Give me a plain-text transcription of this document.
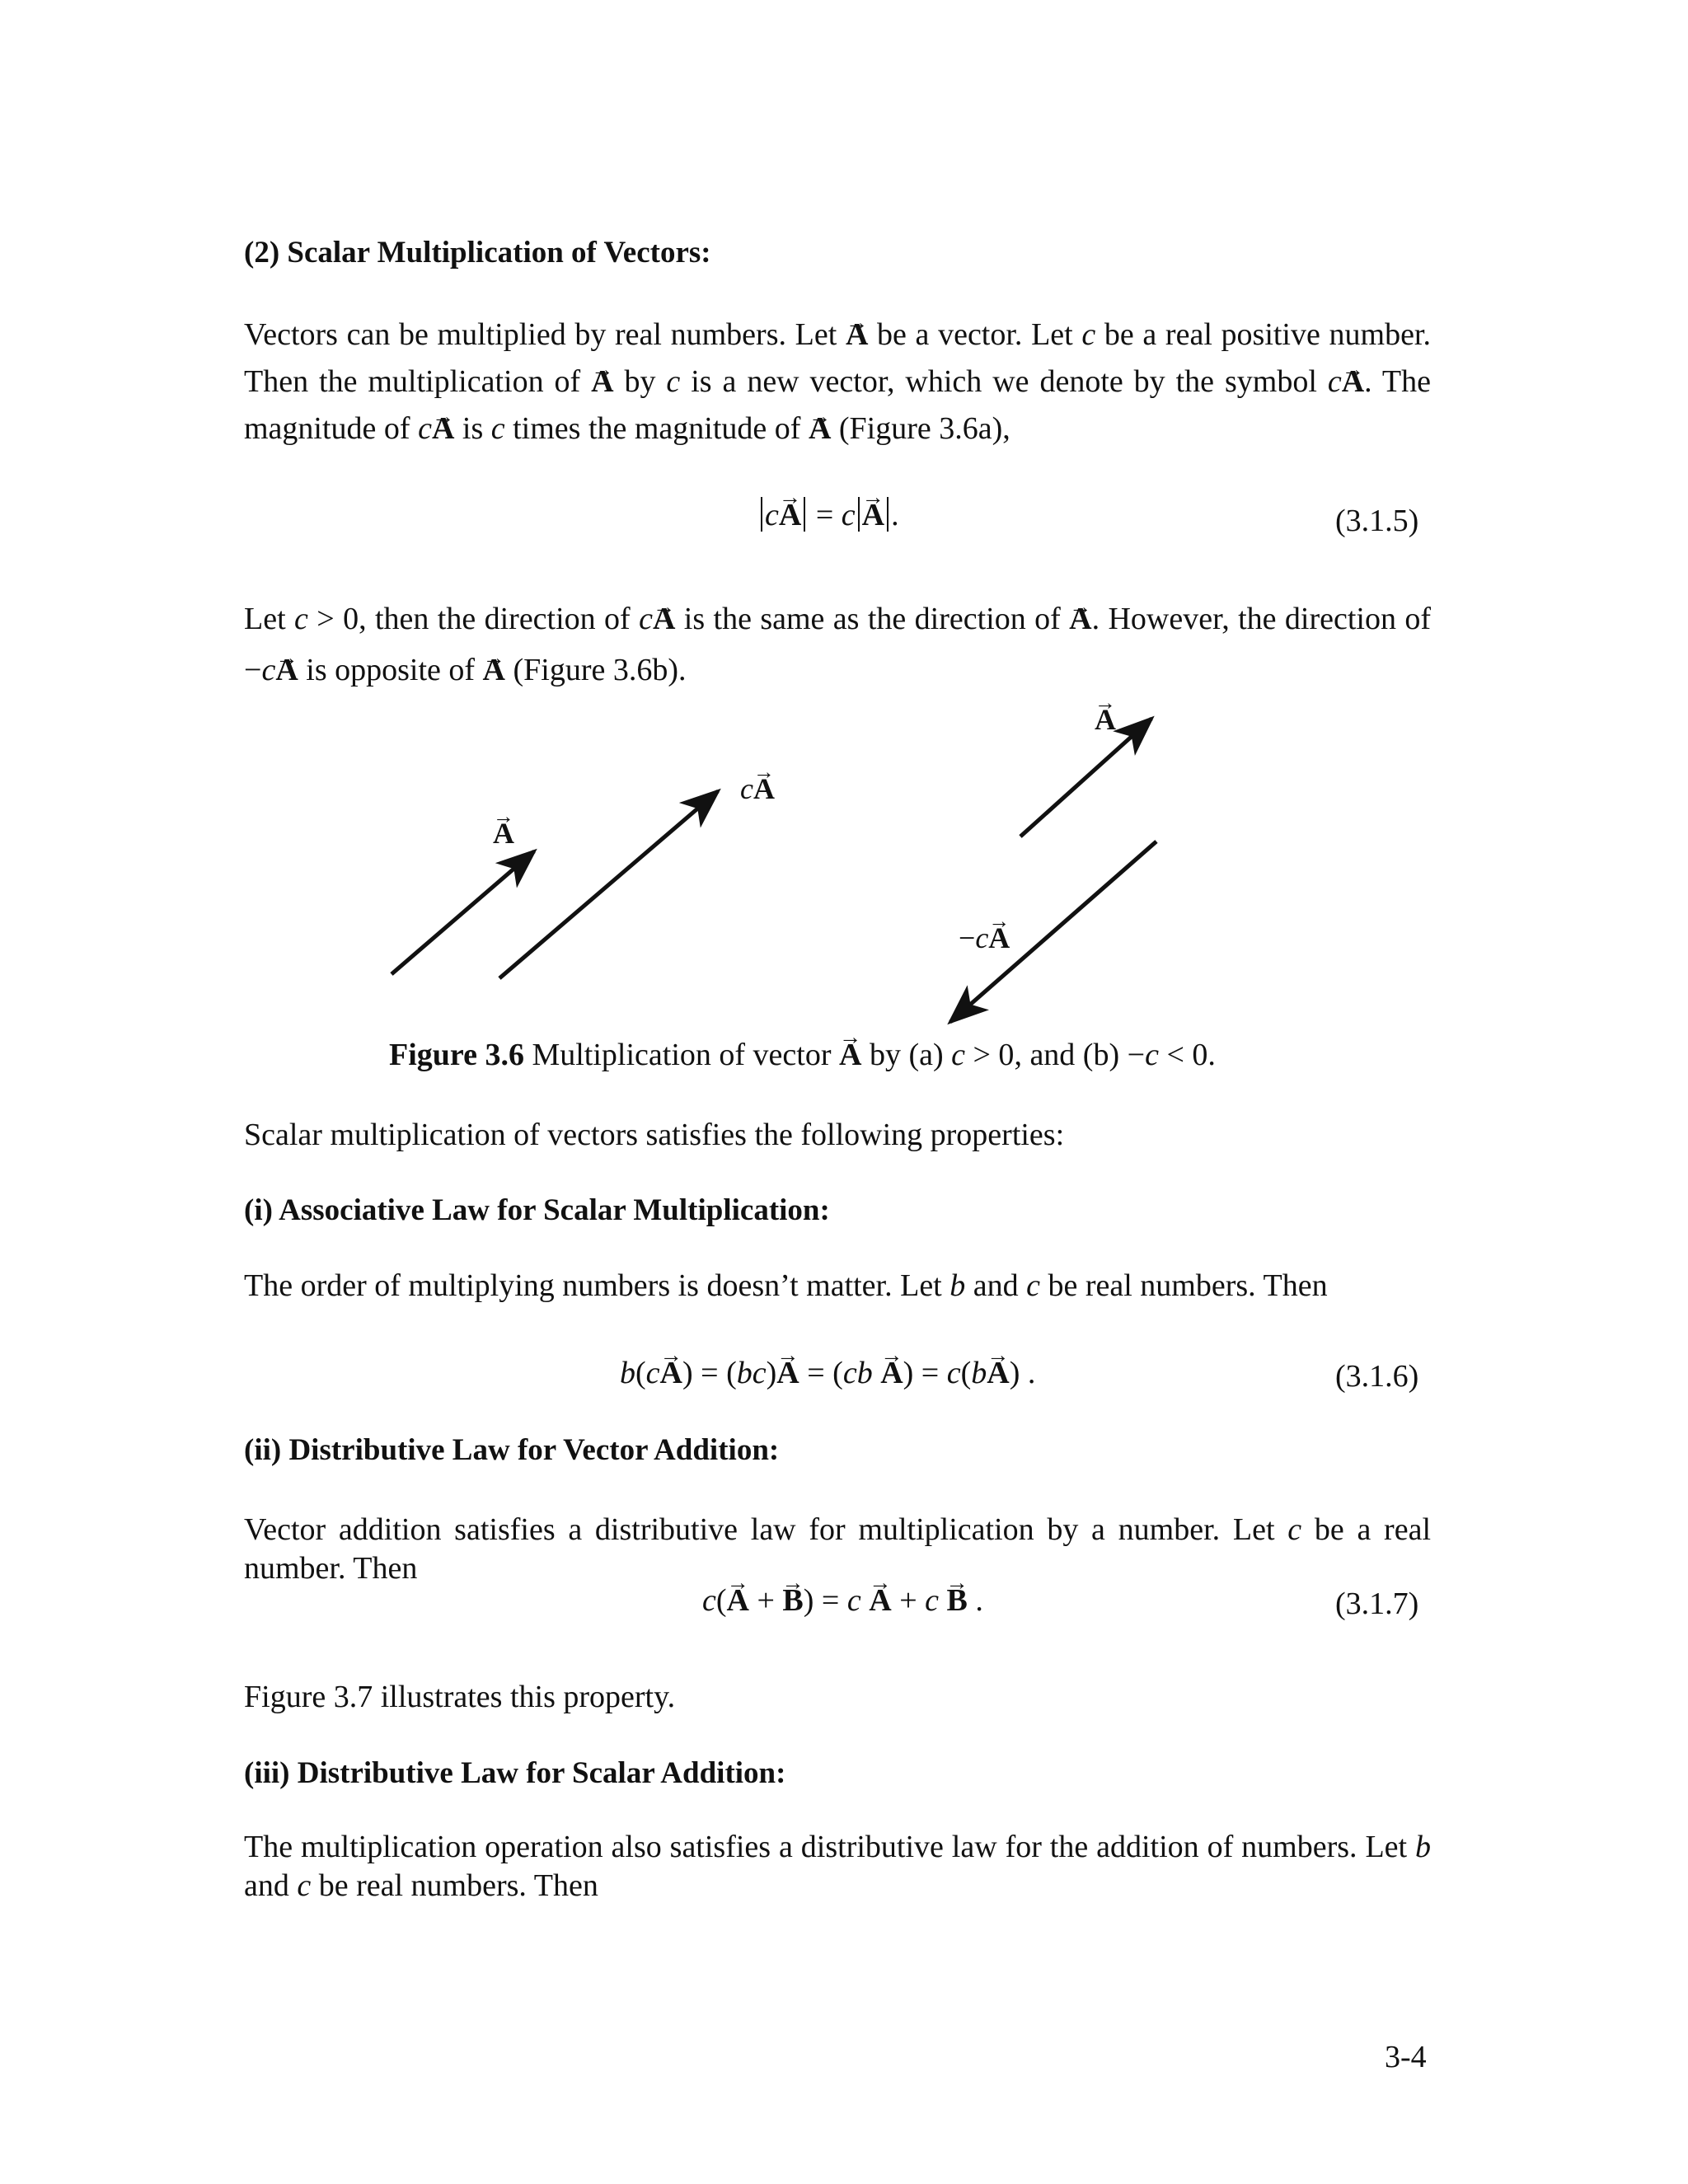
(2) Scalar Multiplication of Vectors:
Vectors can be multiplied by real numbers. Let → A be a vector. Let c be a real positive number. Then the multiplication of → A by c is a new vector, which we denote by the symbol c→ A. The magnitude of c→ A is c times the magnitude of → A (Figure 3.6a),
c→ A = c → A .	(3.1.5)
Let c > 0, then the direction of c→ A is the same as the direction of → A. However, the direction of −c→ A is opposite of → A (Figure 3.6b).
→ A
c→ A
→ A
−c→ A
Figure 3.6 Multiplication of vector → A by (a) c > 0, and (b) −c < 0.
Scalar multiplication of vectors satisfies the following properties:
(i) Associative Law for Scalar Multiplication:
The order of multiplying numbers is doesn’t matter. Let b and c be real numbers. Then
b(c→ A) = (bc)→ A = (cb → A) = c(b→ A) .	(3.1.6)
(ii) Distributive Law for Vector Addition:
Vector addition satisfies a distributive law for multiplication by a number. Let c be a real number. Then
c(→ A + → B) = c → A + c → B .	(3.1.7)
Figure 3.7 illustrates this property.
(iii) Distributive Law for Scalar Addition:
The multiplication operation also satisfies a distributive law for the addition of numbers. Let b and c be real numbers. Then
3-4
